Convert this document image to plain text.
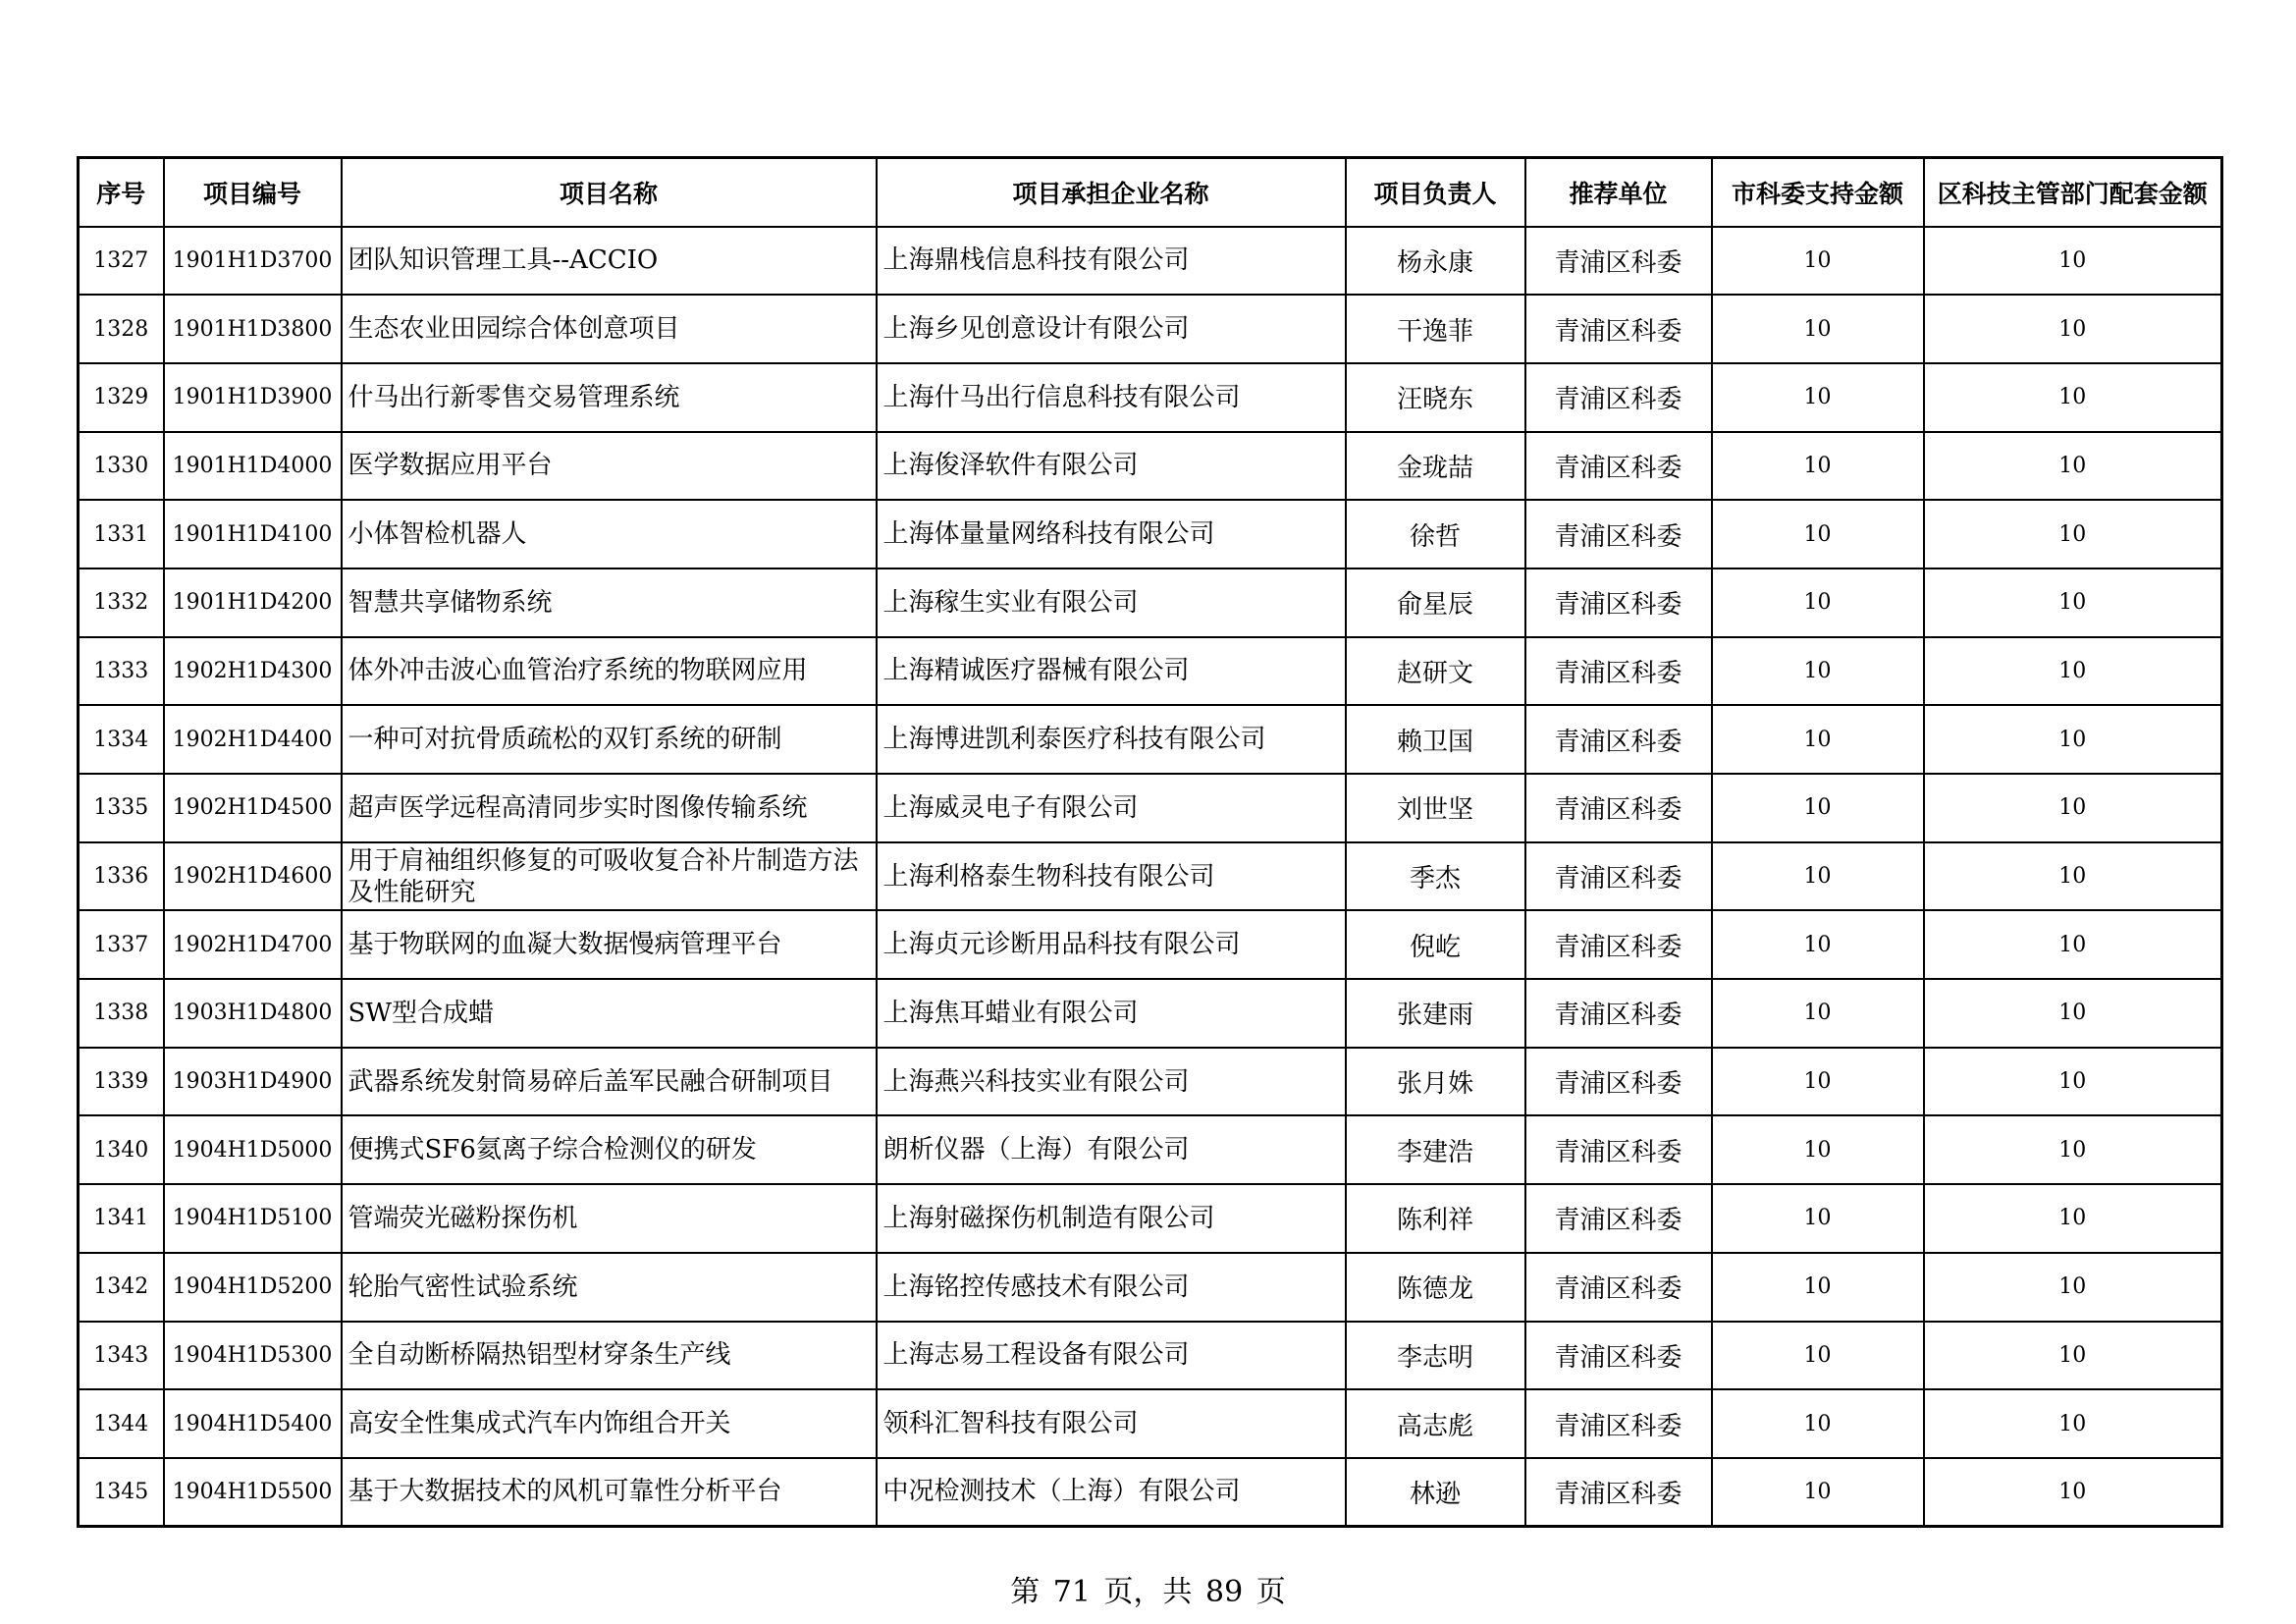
序号	项目编号	项目名称	项目承担企业名称	项目负责人	推荐单位	市科委支持金额	区科技主管部门配套金额
1327	1901H1D3700	团队知识管理工具--ACCIO	上海鼎栈信息科技有限公司	杨永康	青浦区科委	10	10
1328	1901H1D3800	生态农业田园综合体创意项目	上海乡见创意设计有限公司	干逸菲	青浦区科委	10	10
1329	1901H1D3900	什马出行新零售交易管理系统	上海什马出行信息科技有限公司	汪晓东	青浦区科委	10	10
1330	1901H1D4000	医学数据应用平台	上海俊泽软件有限公司	金珑喆	青浦区科委	10	10
1331	1901H1D4100	小体智检机器人	上海体量量网络科技有限公司	徐哲	青浦区科委	10	10
1332	1901H1D4200	智慧共享储物系统	上海稼生实业有限公司	俞星辰	青浦区科委	10	10
1333	1902H1D4300	体外冲击波心血管治疗系统的物联网应用	上海精诚医疗器械有限公司	赵研文	青浦区科委	10	10
1334	1902H1D4400	一种可对抗骨质疏松的双钉系统的研制	上海博进凯利泰医疗科技有限公司	赖卫国	青浦区科委	10	10
1335	1902H1D4500	超声医学远程高清同步实时图像传输系统	上海威灵电子有限公司	刘世坚	青浦区科委	10	10
1336	1902H1D4600	用于肩袖组织修复的可吸收复合补片制造方法及性能研究	上海利格泰生物科技有限公司	季杰	青浦区科委	10	10
1337	1902H1D4700	基于物联网的血凝大数据慢病管理平台	上海贞元诊断用品科技有限公司	倪屹	青浦区科委	10	10
1338	1903H1D4800	SW型合成蜡	上海焦耳蜡业有限公司	张建雨	青浦区科委	10	10
1339	1903H1D4900	武器系统发射筒易碎后盖军民融合研制项目	上海燕兴科技实业有限公司	张月姝	青浦区科委	10	10
1340	1904H1D5000	便携式SF6氦离子综合检测仪的研发	朗析仪器（上海）有限公司	李建浩	青浦区科委	10	10
1341	1904H1D5100	管端荧光磁粉探伤机	上海射磁探伤机制造有限公司	陈利祥	青浦区科委	10	10
1342	1904H1D5200	轮胎气密性试验系统	上海铭控传感技术有限公司	陈德龙	青浦区科委	10	10
1343	1904H1D5300	全自动断桥隔热铝型材穿条生产线	上海志易工程设备有限公司	李志明	青浦区科委	10	10
1344	1904H1D5400	高安全性集成式汽车内饰组合开关	领科汇智科技有限公司	高志彪	青浦区科委	10	10
1345	1904H1D5500	基于大数据技术的风机可靠性分析平台	中况检测技术（上海）有限公司	林逊	青浦区科委	10	10
第 71 页，共 89 页
